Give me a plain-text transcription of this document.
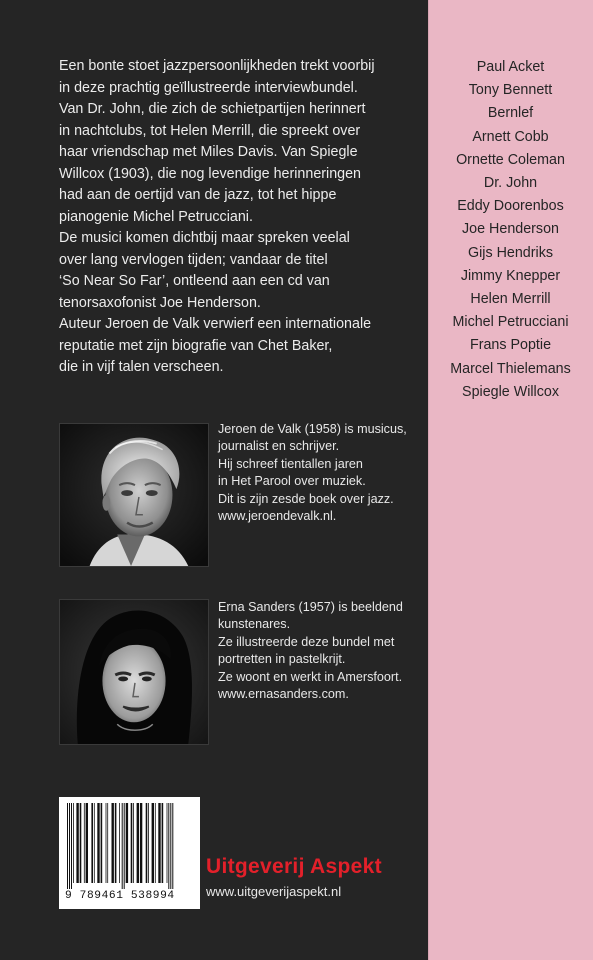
Een bonte stoet jazzpersoonlijkheden trekt voorbij

in deze prachtig geïllustreerde interviewbundel.

Van Dr. John, die zich de schietpartijen herinnert

in nachtclubs, tot Helen Merrill, die spreekt over

haar vriendschap met Miles Davis. Van Spiegle

Willcox (1903), die nog levendige herinneringen

had aan de oertijd van de jazz, tot het hippe

pianogenie Michel Petrucciani.

De musici komen dichtbij maar spreken veelal

over lang vervlogen tijden; vandaar de titel

‘So Near So Far’, ontleend aan een cd van

tenorsaxofonist Joe Henderson.

Auteur Jeroen de Valk verwierf een internationale

reputatie met zijn biografie van Chet Baker,

die in vijf talen verscheen.

Paul Acket
Tony Bennett
Bernlef
Arnett Cobb
Ornette Coleman
Dr. John
Eddy Doorenbos
Joe Henderson
Gijs Hendriks
Jimmy Knepper
Helen Merrill
Michel Petrucciani
Frans Poptie
Marcel Thielemans
Spiegle Willcox

Jeroen de Valk (1958) is musicus,

journalist en schrijver.

Hij schreef tientallen jaren

in Het Parool over muziek.

Dit is zijn zesde boek over jazz.

www.jeroendevalk.nl.

Erna Sanders (1957) is beeldend

kunstenares.

Ze illustreerde deze bundel met

portretten in pastelkrijt.

Ze woont en werkt in Amersfoort.

www.ernasanders.com.

9 789461 538994
Uitgeverij Aspekt
www.uitgeverijaspekt.nl
